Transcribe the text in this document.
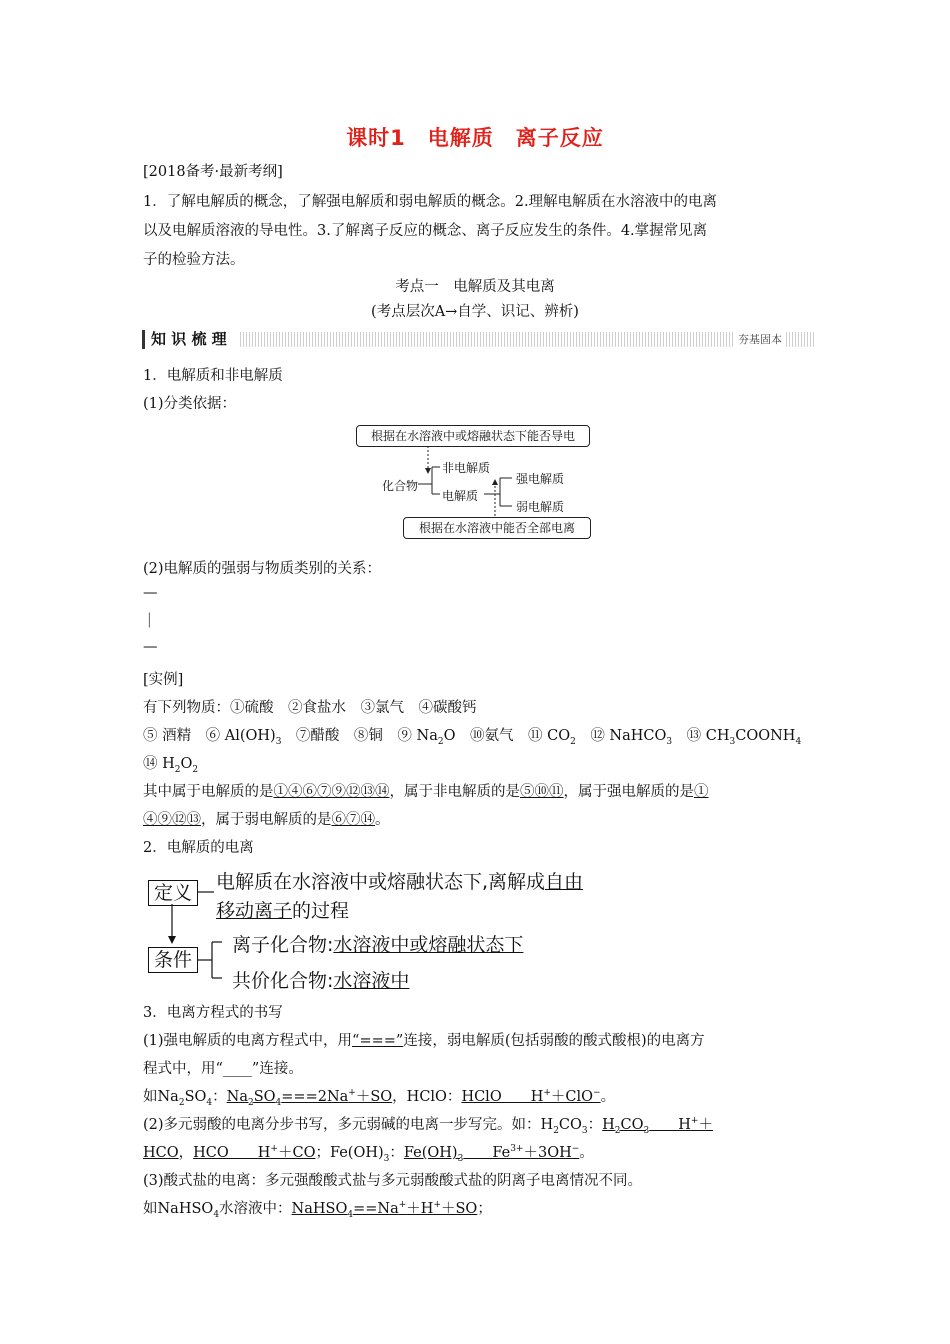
课时1　电解质　离子反应
[2018备考·最新考纲]
1．了解电解质的概念，了解强电解质和弱电解质的概念。2.理解电解质在水溶液中的电离
以及电解质溶液的导电性。3.了解离子反应的概念、离子反应发生的条件。4.掌握常见离
子的检验方法。
考点一　电解质及其电离
(考点层次A→自学、识记、辨析)
知 识 梳 理	夯基固本
1．电解质和非电解质
(1)分类依据：
根据在水溶液中或熔融状态下能否导电
化合物
非电解质
电解质
强电解质
弱电解质
根据在水溶液中能否全部电离
(2)电解质的强弱与物质类别的关系：
—
|
—
[实例]
有下列物质：①硫酸　②食盐水　③氯气　④碳酸钙
⑤ 酒精　 ⑥ $Al(OH)_3$　 ⑦醋酸　 ⑧铜　 ⑨ $Na_2O$　 ⑩氨气　 ⑪ $CO_2$　 ⑫ NaHCO$_3$　 ⑬ $CH_3COONH_4$
⑭ $H_2O_2$
其中属于电解质的是①④⑥⑦⑨⑫⑬⑭，属于非电解质的是⑤⑩⑪，属于强电解质的是①
④⑨⑫⑬，属于弱电解质的是⑥⑦⑭。
2．电解质的电离
定义	电解质在水溶液中或熔融状态下,离解成自由
移动离子的过程
条件
离子化合物:水溶液中或熔融状态下
共价化合物:水溶液中
3．电离方程式的书写
(1)强电解质的电离方程式中，用“===”连接，弱电解质(包括弱酸的酸式酸根)的电离方
程式中，用“____”连接。
如$Na_2SO_4$：$Na_2SO_4===2Na^++SO$，HClO：HClO　　H+＋ClO−。
(2)多元弱酸的电离分步书写，多元弱碱的电离一步写完。如：$H_2CO_3$：$H_2CO_3$　　H+＋
HCO，HCO　　H+＋CO；$Fe(OH)_3$：$Fe(OH)_3$　　$Fe^{3+}+3OH^-$。
(3)酸式盐的电离：多元强酸酸式盐与多元弱酸酸式盐的阴离子电离情况不同。
如NaHSO$_4$水溶液中：NaHSO$_4$==Na+＋H+＋SO；
